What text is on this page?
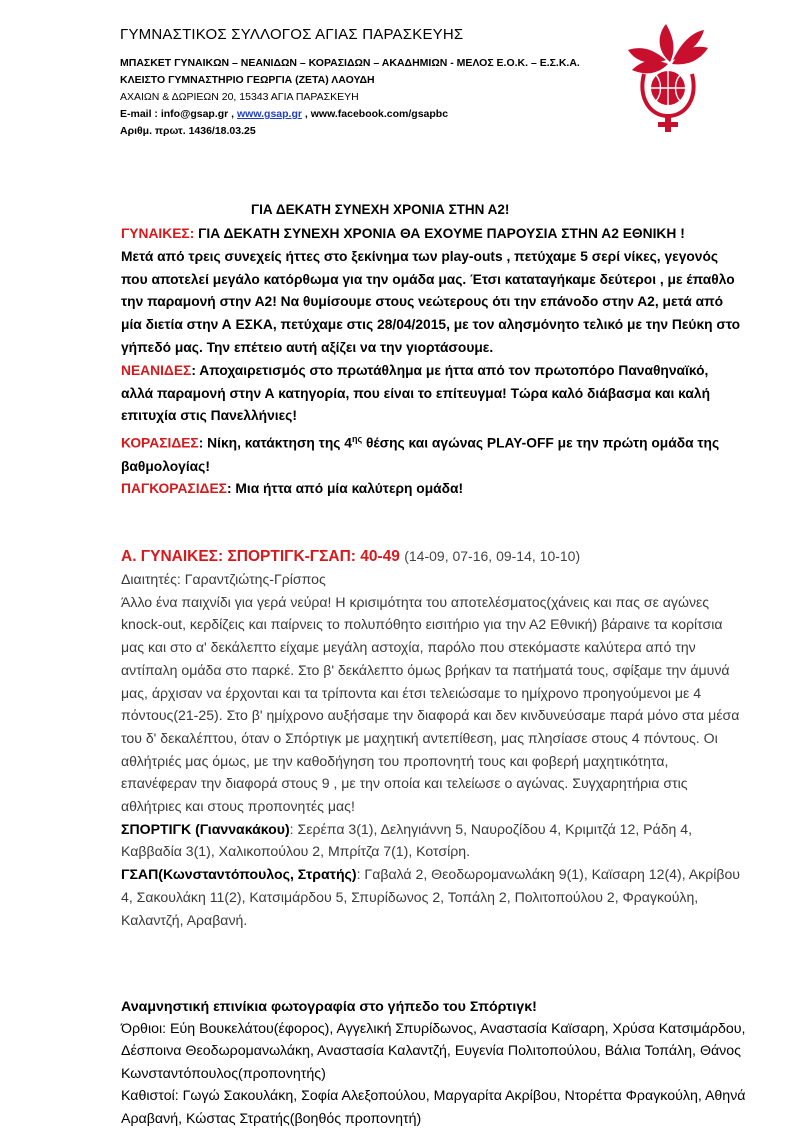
ΓΥΜΝΑΣΤΙΚΟΣ ΣΥΛΛΟΓΟΣ ΑΓΙΑΣ ΠΑΡΑΣΚΕΥΗΣ
ΜΠΑΣΚΕΤ ΓΥΝΑΙΚΩΝ – ΝΕΑΝΙΔΩΝ – ΚΟΡΑΣΙΔΩΝ – ΑΚΑΔΗΜΙΩΝ - ΜΕΛΟΣ Ε.Ο.Κ. – Ε.Σ.Κ.Α.
ΚΛΕΙΣΤΟ ΓΥΜΝΑΣΤΗΡΙΟ ΓΕΩΡΓΙΑ (ΖΕΤΑ) ΛΑΟΥΔΗ
ΑΧΑΙΩΝ & ΔΩΡΙΕΩΝ 20, 15343 ΑΓΙΑ ΠΑΡΑΣΚΕΥΗ
E-mail : info@gsap.gr , www.gsap.gr , www.facebook.com/gsapbc
Αριθμ. πρωτ. 1436/18.03.25
ΓΙΑ ΔΕΚΑΤΗ ΣΥΝΕΧΗ ΧΡΟΝΙΑ ΣΤΗΝ Α2!

ΓΥΝΑΙΚΕΣ: ΓΙΑ ΔΕΚΑΤΗ ΣΥΝΕΧΗ ΧΡΟΝΙΑ ΘΑ ΕΧΟΥΜΕ ΠΑΡΟΥΣΙΑ ΣΤΗΝ Α2 ΕΘΝΙΚΗ !

Μετά από τρεις συνεχείς ήττες στο ξεκίνημα των play-outs , πετύχαμε 5 σερί νίκες, γεγονός που αποτελεί μεγάλο κατόρθωμα για την ομάδα μας. Έτσι καταταγήκαμε δεύτεροι , με έπαθλο την παραμονή στην Α2! Να θυμίσουμε στους νεώτερους ότι την επάνοδο στην Α2, μετά από μία διετία στην Α ΕΣΚΑ, πετύχαμε στις 28/04/2015, με τον αλησμόνητο τελικό με την Πεύκη στο γήπεδό μας. Την επέτειο αυτή αξίζει να την γιορτάσουμε.

ΝΕΑΝΙΔΕΣ: Αποχαιρετισμός στο πρωτάθλημα με ήττα από τον πρωτοπόρο Παναθηναϊκό, αλλά παραμονή στην Α κατηγορία, που είναι το επίτευγμα! Τώρα καλό διάβασμα και καλή επιτυχία στις Πανελλήνιες!

ΚΟΡΑΣΙΔΕΣ: Νίκη, κατάκτηση της $4^{\eta\varsigma}$ θέσης και αγώνας PLAY-OFF με την πρώτη ομάδα της βαθμολογίας!

ΠΑΓΚΟΡΑΣΙΔΕΣ: Μια ήττα από μία καλύτερη ομάδα!

Α. ΓΥΝΑΙΚΕΣ: ΣΠΟΡΤΙΓΚ-ΓΣΑΠ: 40-49 (14-09, 07-16, 09-14, 10-10)

Διαιτητές: Γαραντζιώτης-Γρίσπος

Άλλο ένα παιχνίδι για γερά νεύρα! Η κρισιμότητα του αποτελέσματος(χάνεις και πας σε αγώνες knock-out, κερδίζεις και παίρνεις το πολυπόθητο εισιτήριο για την Α2 Εθνική) βάραινε τα κορίτσια μας και στο α' δεκάλεπτο είχαμε μεγάλη αστοχία, παρόλο που στεκόμαστε καλύτερα από την αντίπαλη ομάδα στο παρκέ. Στο β' δεκάλεπτο όμως βρήκαν τα πατήματά τους, σφίξαμε την άμυνά μας, άρχισαν να έρχονται και τα τρίποντα και έτσι τελειώσαμε το ημίχρονο προηγούμενοι με 4 πόντους(21-25). Στο β' ημίχρονο αυξήσαμε την διαφορά και δεν κινδυνεύσαμε παρά μόνο στα μέσα του δ' δεκαλέπτου, όταν ο Σπόρτιγκ με μαχητική αντεπίθεση, μας πλησίασε στους 4 πόντους. Οι αθλήτριές μας όμως, με την καθοδήγηση του προπονητή τους και φοβερή μαχητικότητα, επανέφεραν την διαφορά στους 9 , με την οποία και τελείωσε ο αγώνας. Συγχαρητήρια στις αθλήτριες και στους προπονητές μας!

ΣΠΟΡΤΙΓΚ (Γιαννακάκου): Σερέπα 3(1), Δεληγιάννη 5, Ναυροζίδου 4, Κριμιτζά 12, Ράδη 4, Καββαδία 3(1), Χαλικοπούλου 2, Μπρίτζα 7(1), Κοτσίρη.

ΓΣΑΠ(Κωνσταντόπουλος, Στρατής): Γαβαλά 2, Θεοδωρομανωλάκη 9(1), Καϊσαρη 12(4), Ακρίβου 4, Σακουλάκη 11(2), Κατσιμάρδου 5, Σπυρίδωνος 2, Τοπάλη 2, Πολιτοπούλου 2, Φραγκούλη, Καλαντζή, Αραβανή.

Αναμνηστική επινίκια φωτογραφία στο γήπεδο του Σπόρτιγκ!

Όρθιοι: Εύη Βουκελάτου(έφορος), Αγγελική Σπυρίδωνος, Αναστασία Καϊσαρη, Χρύσα Κατσιμάρδου, Δέσποινα Θεοδωρομανωλάκη, Αναστασία Καλαντζή, Ευγενία Πολιτοπούλου, Βάλια Τοπάλη, Θάνος Κωνσταντόπουλος(προπονητής)

Καθιστοί: Γωγώ Σακουλάκη, Σοφία Αλεξοπούλου, Μαργαρίτα Ακρίβου, Ντορέττα Φραγκούλη, Αθηνά Αραβανή, Κώστας Στρατής(βοηθός προπονητή)
